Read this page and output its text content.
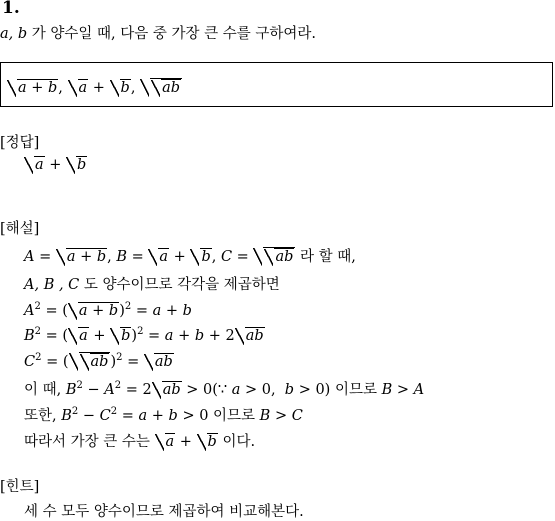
1.
a, b 가 양수일 때, 다음 중 가장 큰 수를 구하여라.
a + b, a + b, ab
[정답]
a + b
[해설]
A = a + b, B = a + b, C = ab 라 할 때,
A, B , C 도 양수이므로 각각을 제곱하면
$A^2$ = ( a + b)$^2$ = a + b
$B^2$ = ( a + b)$^2$ = a + b + 2 ab
$C^2$ = ( ab )$^2$ = ab
이 때, $B^2 - A^2 = 2$ ab > 0(∵ a > 0,  b > 0) 이므로 B > A
또한, $B^2 - C^2 = a + b > 0$ 이므로 B > C
따라서 가장 큰 수는 a + b 이다.
[힌트]
세 수 모두 양수이므로 제곱하여 비교해본다.
